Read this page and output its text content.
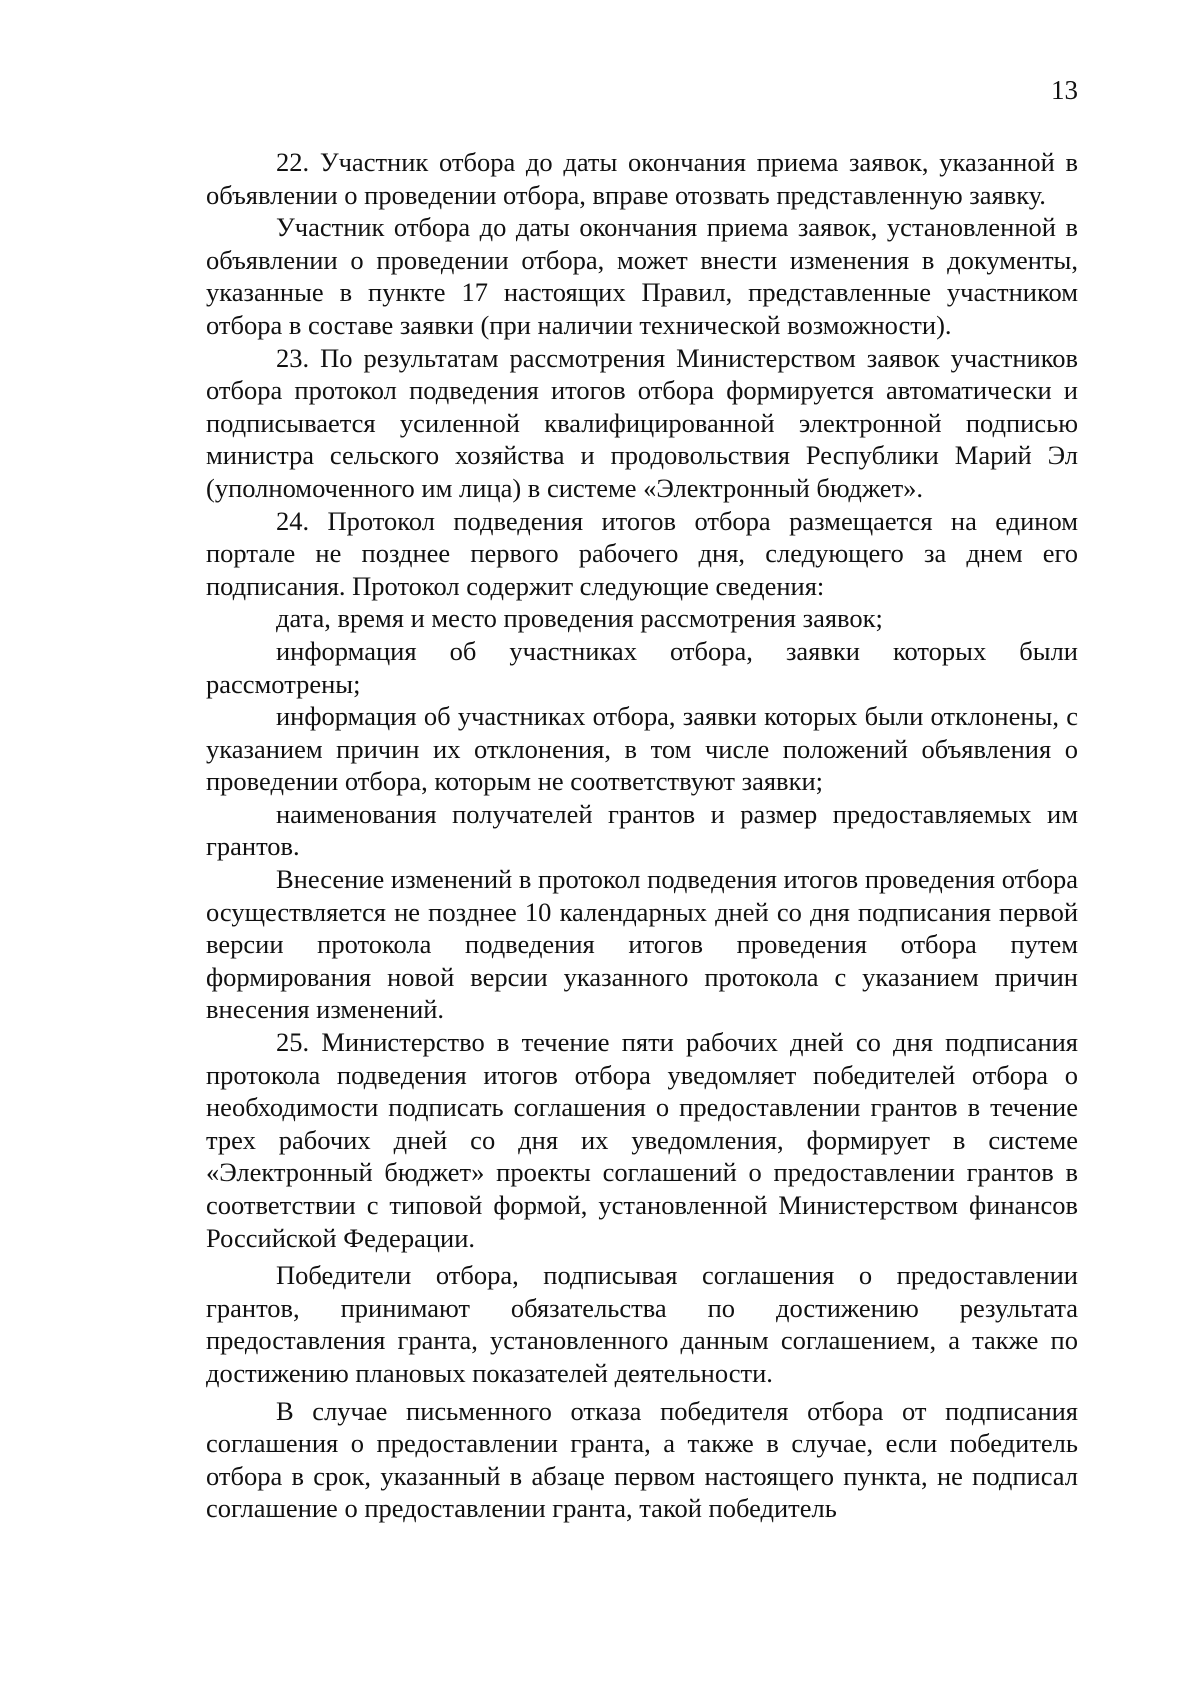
13

22. Участник отбора до даты окончания приема заявок, указанной в объявлении о проведении отбора, вправе отозвать представленную заявку.

Участник отбора до даты окончания приема заявок, установленной в объявлении о проведении отбора, может внести изменения в документы, указанные в пункте 17 настоящих Правил, представленные участником отбора в составе заявки (при наличии технической возможности).

23. По результатам рассмотрения Министерством заявок участников отбора протокол подведения итогов отбора формируется автоматически и подписывается усиленной квалифицированной электронной подписью министра сельского хозяйства и продовольствия Республики Марий Эл (уполномоченного им лица) в системе «Электронный бюджет».

24. Протокол подведения итогов отбора размещается на едином портале не позднее первого рабочего дня, следующего за днем его подписания. Протокол содержит следующие сведения:

дата, время и место проведения рассмотрения заявок;

информация об участниках отбора, заявки которых были рассмотрены;

информация об участниках отбора, заявки которых были отклонены, с указанием причин их отклонения, в том числе положений объявления о проведении отбора, которым не соответствуют заявки;

наименования получателей грантов и размер предоставляемых им грантов.

Внесение изменений в протокол подведения итогов проведения отбора осуществляется не позднее 10 календарных дней со дня подписания первой версии протокола подведения итогов проведения отбора путем формирования новой версии указанного протокола с указанием причин внесения изменений.

25. Министерство в течение пяти рабочих дней со дня подписания протокола подведения итогов отбора уведомляет победителей отбора о необходимости подписать соглашения о предоставлении грантов в течение трех рабочих дней со дня их уведомления, формирует в системе «Электронный бюджет» проекты соглашений о предоставлении грантов в соответствии с типовой формой, установленной Министерством финансов Российской Федерации.

Победители отбора, подписывая соглашения о предоставлении грантов, принимают обязательства по достижению результата предоставления гранта, установленного данным соглашением, а также по достижению плановых показателей деятельности.

В случае письменного отказа победителя отбора от подписания соглашения о предоставлении гранта, а также в случае, если победитель отбора в срок, указанный в абзаце первом настоящего пункта, не подписал соглашение о предоставлении гранта, такой победитель
